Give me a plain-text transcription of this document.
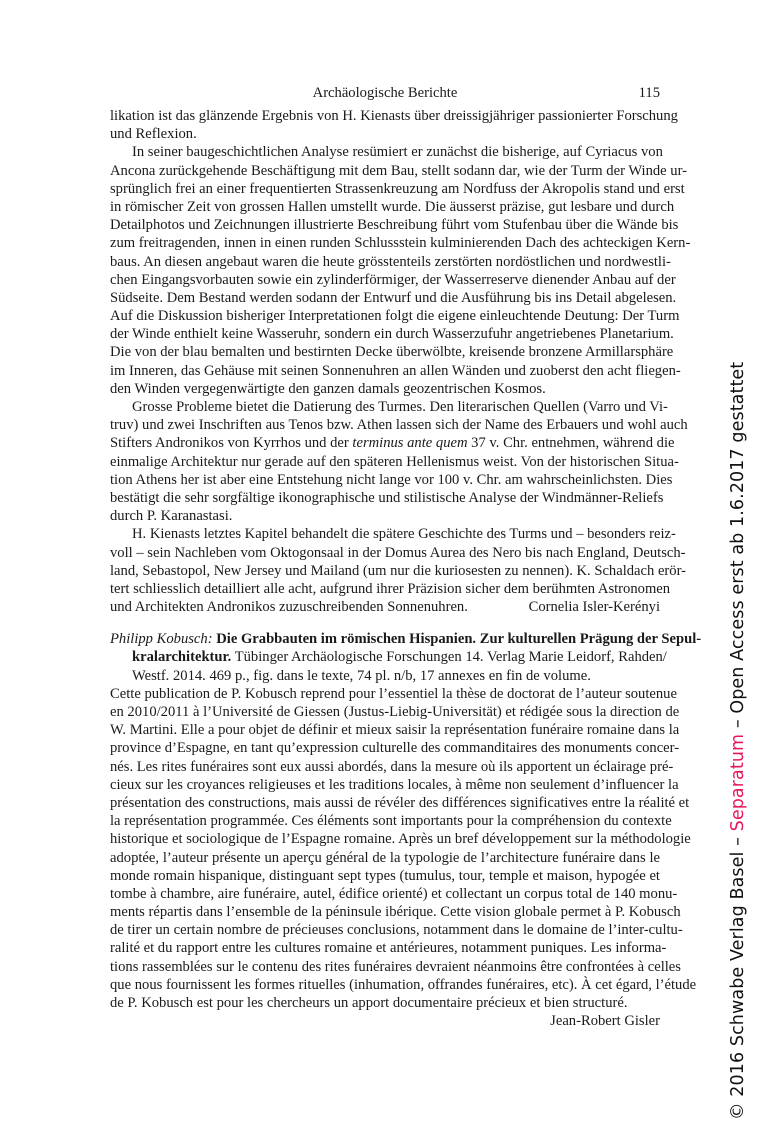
Archäologische Berichte	115
likation ist das glänzende Ergebnis von H. Kienasts über dreissigjähriger passionierter Forschung
und Reflexion.
In seiner baugeschichtlichen Analyse resümiert er zunächst die bisherige, auf Cyriacus von
Ancona zurückgehende Beschäftigung mit dem Bau, stellt sodann dar, wie der Turm der Winde ur-
sprünglich frei an einer frequentierten Strassenkreuzung am Nordfuss der Akropolis stand und erst
in römischer Zeit von grossen Hallen umstellt wurde. Die äusserst präzise, gut lesbare und durch
Detailphotos und Zeichnungen illustrierte Beschreibung führt vom Stufenbau über die Wände bis
zum freitragenden, innen in einen runden Schlussstein kulminierenden Dach des achteckigen Kern-
baus. An diesen angebaut waren die heute grösstenteils zerstörten nordöstlichen und nordwestli-
chen Eingangsvorbauten sowie ein zylinderförmiger, der Wasserreserve dienender Anbau auf der
Südseite. Dem Bestand werden sodann der Entwurf und die Ausführung bis ins Detail abgelesen.
Auf die Diskussion bisheriger Interpretationen folgt die eigene einleuchtende Deutung: Der Turm
der Winde enthielt keine Wasseruhr, sondern ein durch Wasserzufuhr angetriebenes Planetarium.
Die von der blau bemalten und bestirnten Decke überwölbte, kreisende bronzene Armillarsphäre
im Inneren, das Gehäuse mit seinen Sonnenuhren an allen Wänden und zuoberst den acht fliegen-
den Winden vergegenwärtigte den ganzen damals geozentrischen Kosmos.
Grosse Probleme bietet die Datierung des Turmes. Den literarischen Quellen (Varro und Vi-
truv) und zwei Inschriften aus Tenos bzw. Athen lassen sich der Name des Erbauers und wohl auch
Stifters Andronikos von Kyrrhos und der terminus ante quem 37 v. Chr. entnehmen, während die
einmalige Architektur nur gerade auf den späteren Hellenismus weist. Von der historischen Situa-
tion Athens her ist aber eine Entstehung nicht lange vor 100 v. Chr. am wahrscheinlichsten. Dies
bestätigt die sehr sorgfältige ikonographische und stilistische Analyse der Windmänner-Reliefs
durch P. Karanastasi.
H. Kienasts letztes Kapitel behandelt die spätere Geschichte des Turms und – besonders reiz-
voll – sein Nachleben vom Oktogonsaal in der Domus Aurea des Nero bis nach England, Deutsch-
land, Sebastopol, New Jersey und Mailand (um nur die kuriosesten zu nennen). K. Schaldach erör-
tert schliesslich detailliert alle acht, aufgrund ihrer Präzision sicher dem berühmten Astronomen
und Architekten Andronikos zuzuschreibenden Sonnenuhren.	Cornelia Isler-Kerényi
Philipp Kobusch: Die Grabbauten im römischen Hispanien. Zur kulturellen Prägung der Sepul-
kralarchitektur. Tübinger Archäologische Forschungen 14. Verlag Marie Leidorf, Rahden/
Westf. 2014. 469 p., fig. dans le texte, 74 pl. n/b, 17 annexes en fin de volume.
Cette publication de P. Kobusch reprend pour l’essentiel la thèse de doctorat de l’auteur soutenue
en 2010/2011 à l’Université de Giessen (Justus-Liebig-Universität) et rédigée sous la direction de
W. Martini. Elle a pour objet de définir et mieux saisir la représentation funéraire romaine dans la
province d’Espagne, en tant qu’expression culturelle des commanditaires des monuments concer-
nés. Les rites funéraires sont eux aussi abordés, dans la mesure où ils apportent un éclairage pré-
cieux sur les croyances religieuses et les traditions locales, à même non seulement d’influencer la
présentation des constructions, mais aussi de révéler des différences significatives entre la réalité et
la représentation programmée. Ces éléments sont importants pour la compréhension du contexte
historique et sociologique de l’Espagne romaine. Après un bref développement sur la méthodologie
adoptée, l’auteur présente un aperçu général de la typologie de l’architecture funéraire dans le
monde romain hispanique, distinguant sept types (tumulus, tour, temple et maison, hypogée et
tombe à chambre, aire funéraire, autel, édifice orienté) et collectant un corpus total de 140 monu-
ments répartis dans l’ensemble de la péninsule ibérique. Cette vision globale permet à P. Kobusch
de tirer un certain nombre de précieuses conclusions, notamment dans le domaine de l’inter-cultu-
ralité et du rapport entre les cultures romaine et antérieures, notamment puniques. Les informa-
tions rassemblées sur le contenu des rites funéraires devraient néanmoins être confrontées à celles
que nous fournissent les formes rituelles (inhumation, offrandes funéraires, etc). À cet égard, l’étude
de P. Kobusch est pour les chercheurs un apport documentaire précieux et bien structuré.
Jean-Robert Gisler	© 2016 Schwabe Verlag Basel – Separatum – Open Access erst ab 1.6.2017 gestattet
